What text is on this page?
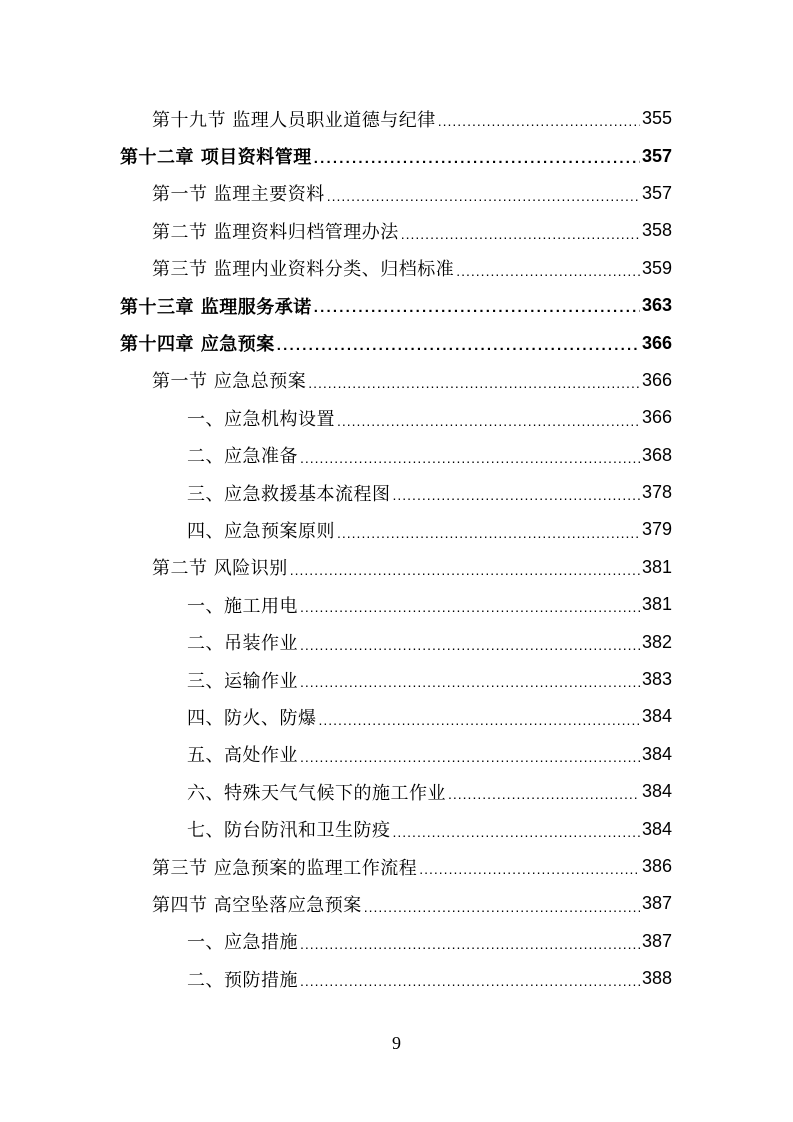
第十九节 监理人员职业道德与纪律 .....	355
第十二章 项目资料管理 .....	357
第一节 监理主要资料 .....	357
第二节 监理资料归档管理办法 .....	358
第三节 监理内业资料分类、归档标准 .....	359
第十三章 监理服务承诺 .....	363
第十四章 应急预案 .....	366
第一节 应急总预案 .....	366
一、应急机构设置 .....	366
二、应急准备 .....	368
三、应急救援基本流程图 .....	378
四、应急预案原则 .....	379
第二节 风险识别 .....	381
一、施工用电 .....	381
二、吊装作业 .....	382
三、运输作业 .....	383
四、防火、防爆 .....	384
五、高处作业 .....	384
六、特殊天气气候下的施工作业 .....	384
七、防台防汛和卫生防疫 .....	384
第三节 应急预案的监理工作流程 .....	386
第四节 高空坠落应急预案 .....	387
一、应急措施 .....	387
二、预防措施 .....	388
9
